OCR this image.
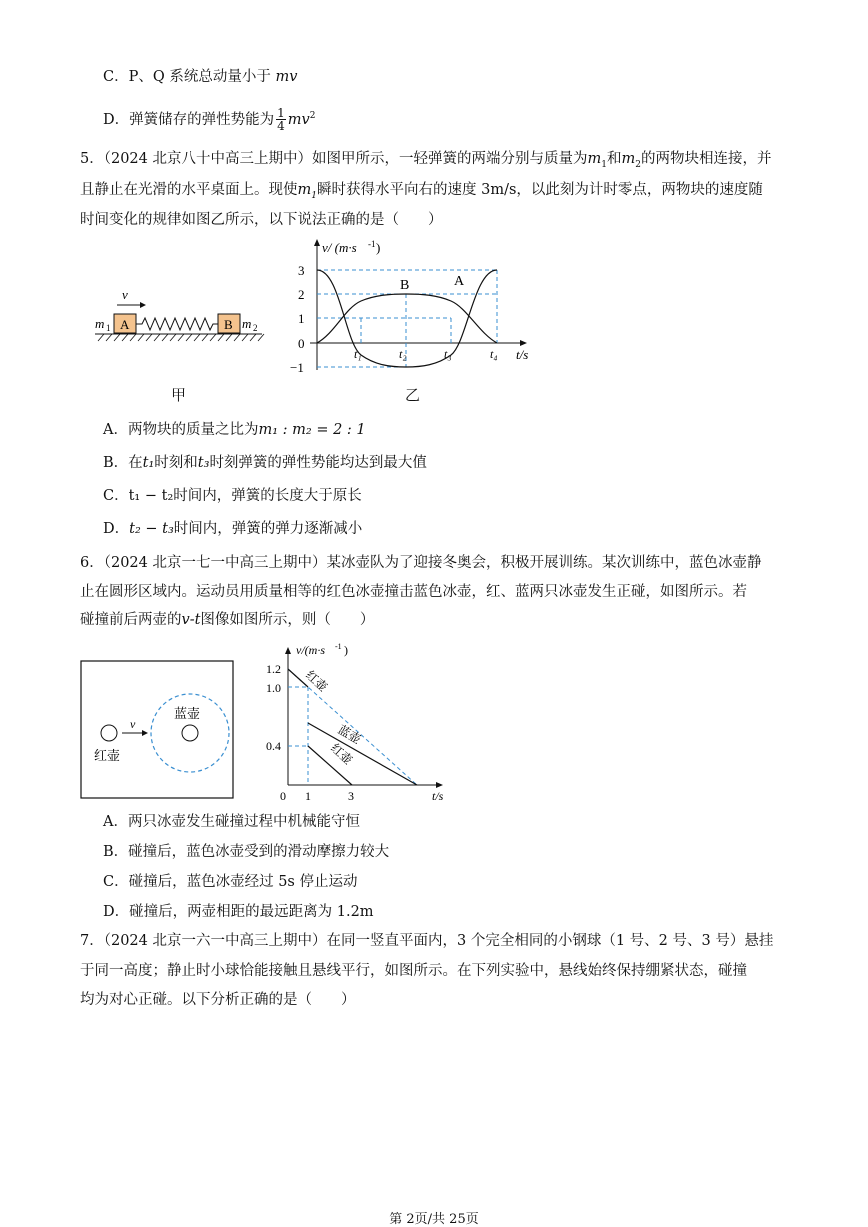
C．P、Q 系统总动量小于 mv
D．弹簧储存的弹性势能为 $\frac{1}{4} mv^2$
5．（2024 北京八十中高三上期中）如图甲所示，一轻弹簧的两端分别与质量为$m_1$和$m_2$的两物块相连接，并
且静止在光滑的水平桌面上。现使$m_1$瞬时获得水平向右的速度 3m/s，以此刻为计时零点，两物块的速度随
时间变化的规律如图乙所示，以下说法正确的是（　　）
v
m 1 A	B m 2
甲
v/ (m·s -1 )
t/s
3
2
1
0
−1
t₁	t₂	t₃	t₄
B	A
乙
A．两物块的质量之比为m₁ : m₂ = 2 : 1
B．在t₁时刻和t₃时刻弹簧的弹性势能均达到最大值
C．t₁ − t₂时间内，弹簧的长度大于原长
D．t₂ − t₃时间内，弹簧的弹力逐渐减小
6．（2024 北京一七一中高三上期中）某冰壶队为了迎接冬奥会，积极开展训练。某次训练中，蓝色冰壶静
止在圆形区域内。运动员用质量相等的红色冰壶撞击蓝色冰壶，红、蓝两只冰壶发生正碰，如图所示。若
碰撞前后两壶的v-t图像如图所示，则（　　）
蓝壶
红壶
v
v/(m·s -1 )
t/s
1.2
1.0
0.4
0 1	3
红壶
蓝壶
红壶
A．两只冰壶发生碰撞过程中机械能守恒
B．碰撞后，蓝色冰壶受到的滑动摩擦力较大
C．碰撞后，蓝色冰壶经过 5s 停止运动
D．碰撞后，两壶相距的最远距离为 1.2m
7．（2024 北京一六一中高三上期中）在同一竖直平面内，3 个完全相同的小钢球（1 号、2 号、3 号）悬挂
于同一高度；静止时小球恰能接触且悬线平行，如图所示。在下列实验中，悬线始终保持绷紧状态，碰撞
均为对心正碰。以下分析正确的是（　　）
第 2页/共 25页
